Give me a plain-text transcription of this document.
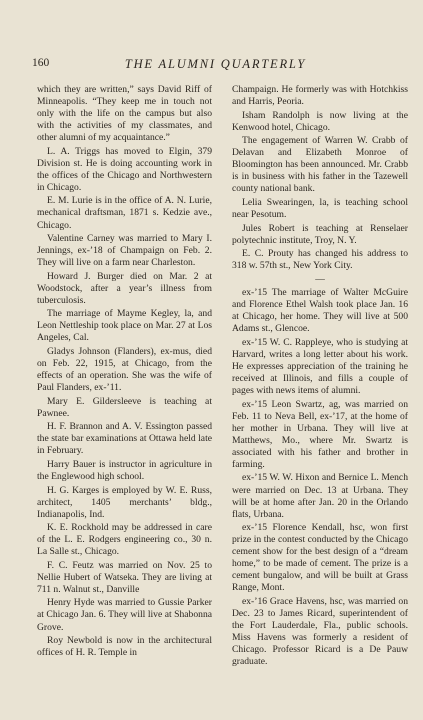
160	THE ALUMNI QUARTERLY

which they are written,” says David Riff of Minneapolis. “They keep me in touch not only with the life on the campus but also with the activities of my classmates, and other alumni of my acquaintance.”

L. A. Triggs has moved to Elgin, 379 Division st. He is doing accounting work in the offices of the Chicago and Northwestern in Chicago.

E. M. Lurie is in the office of A. N. Lurie, mechanical draftsman, 1871 s. Kedzie ave., Chicago.

Valentine Carney was married to Mary I. Jennings, ex-’18 of Champaign on Feb. 2. They will live on a farm near Charleston.

Howard J. Burger died on Mar. 2 at Woodstock, after a year’s illness from tuberculosis.

The marriage of Mayme Kegley, la, and Leon Nettleship took place on Mar. 27 at Los Angeles, Cal.

Gladys Johnson (Flanders), ex-mus, died on Feb. 22, 1915, at Chicago, from the effects of an operation. She was the wife of Paul Flanders, ex-’11.

Mary E. Gildersleeve is teaching at Pawnee.

H. F. Brannon and A. V. Essington passed the state bar examinations at Ottawa held late in February.

Harry Bauer is instructor in agriculture in the Englewood high school.

H. G. Karges is employed by W. E. Russ, architect, 1405 merchants’ bldg., Indianapolis, Ind.

K. E. Rockhold may be addressed in care of the L. E. Rodgers engineering co., 30 n. La Salle st., Chicago.

F. C. Feutz was married on Nov. 25 to Nellie Hubert of Watseka. They are living at 711 n. Walnut st., Danville

Henry Hyde was married to Gussie Parker at Chicago Jan. 6. They will live at Shabonna Grove.

Roy Newbold is now in the architectural offices of H. R. Temple in

Champaign. He formerly was with Hotchkiss and Harris, Peoria.

Isham Randolph is now living at the Kenwood hotel, Chicago.

The engagement of Warren W. Crabb of Delavan and Elizabeth Monroe of Bloomington has been announced. Mr. Crabb is in business with his father in the Tazewell county national bank.

Lelia Swearingen, la, is teaching school near Pesotum.

Jules Robert is teaching at Renselaer polytechnic institute, Troy, N. Y.

E. C. Prouty has changed his address to 318 w. 57th st., New York City.

—

ex-’15 The marriage of Walter McGuire and Florence Ethel Walsh took place Jan. 16 at Chicago, her home. They will live at 500 Adams st., Glencoe.

ex-’15 W. C. Rappleye, who is studying at Harvard, writes a long letter about his work. He expresses appreciation of the training he received at Illinois, and fills a couple of pages with news items of alumni.

ex-’15 Leon Swartz, ag, was married on Feb. 11 to Neva Bell, ex-’17, at the home of her mother in Urbana. They will live at Matthews, Mo., where Mr. Swartz is associated with his father and brother in farming.

ex-’15 W. W. Hixon and Bernice L. Mench were married on Dec. 13 at Urbana. They will be at home after Jan. 20 in the Orlando flats, Urbana.

ex-’15 Florence Kendall, hsc, won first prize in the contest conducted by the Chicago cement show for the best design of a “dream home,” to be made of cement. The prize is a cement bungalow, and will be built at Grass Range, Mont.

ex-’16 Grace Havens, hsc, was married on Dec. 23 to James Ricard, superintendent of the Fort Lauderdale, Fla., public schools. Miss Havens was formerly a resident of Chicago. Professor Ricard is a De Pauw graduate.
